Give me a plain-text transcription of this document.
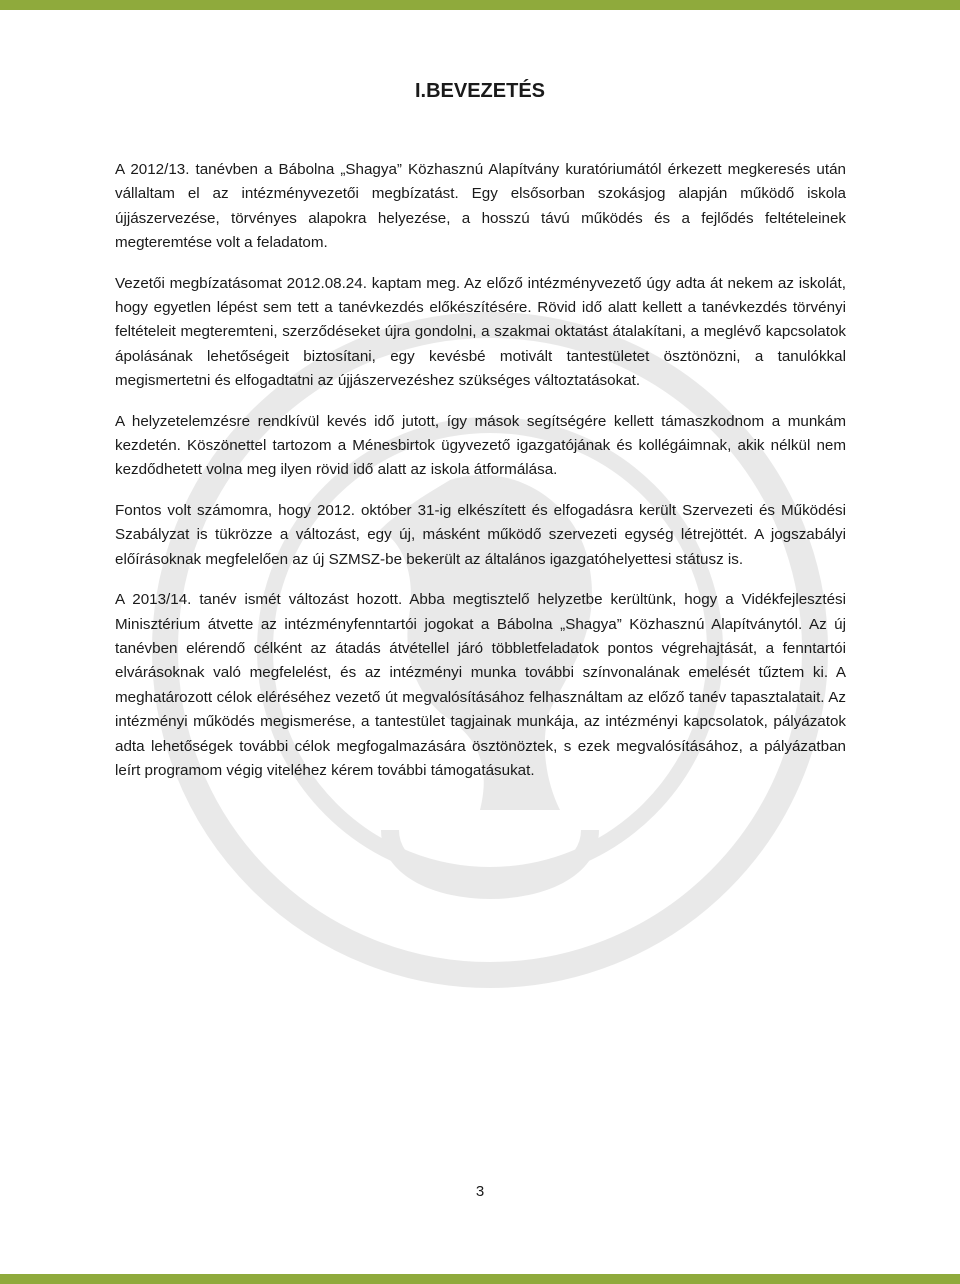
I.BEVEZETÉS

A 2012/13. tanévben a Bábolna „Shagya” Közhasznú Alapítvány kuratóriumától érkezett megkeresés után vállaltam el az intézményvezetői megbízatást. Egy elsősorban szokásjog alapján működő iskola újjászervezése, törvényes alapokra helyezése, a hosszú távú működés és a fejlődés feltételeinek megteremtése volt a feladatom.

Vezetői megbízatásomat 2012.08.24. kaptam meg. Az előző intézményvezető úgy adta át nekem az iskolát, hogy egyetlen lépést sem tett a tanévkezdés előkészítésére. Rövid idő alatt kellett a tanévkezdés törvényi feltételeit megteremteni, szerződéseket újra gondolni, a szakmai oktatást átalakítani, a meglévő kapcsolatok ápolásának lehetőségeit biztosítani, egy kevésbé motivált tantestületet ösztönözni, a tanulókkal megismertetni és elfogadtatni az újjászervezéshez szükséges változtatásokat.

A helyzetelemzésre rendkívül kevés idő jutott, így mások segítségére kellett támaszkodnom a munkám kezdetén. Köszönettel tartozom a Ménesbirtok ügyvezető igazgatójának és kollégáimnak, akik nélkül nem kezdődhetett volna meg ilyen rövid idő alatt az iskola átformálása.

Fontos volt számomra, hogy 2012. október 31-ig elkészített és elfogadásra került Szervezeti és Működési Szabályzat is tükrözze a változást, egy új, másként működő szervezeti egység létrejöttét. A jogszabályi előírásoknak megfelelően az új SZMSZ-be bekerült az általános igazgatóhelyettesi státusz is.

A 2013/14. tanév ismét változást hozott. Abba megtisztelő helyzetbe kerültünk, hogy a Vidékfejlesztési Minisztérium átvette az intézményfenntartói jogokat a Bábolna „Shagya” Közhasznú Alapítványtól. Az új tanévben elérendő célként az átadás átvétellel járó többletfeladatok pontos végrehajtását, a fenntartói elvárásoknak való megfelelést, és az intézményi munka további színvonalának emelését tűztem ki. A meghatározott célok eléréséhez vezető út megvalósításához felhasználtam az előző tanév tapasztalatait. Az intézményi működés megismerése, a tantestület tagjainak munkája, az intézményi kapcsolatok, pályázatok adta lehetőségek további célok megfogalmazására ösztönöztek, s ezek megvalósításához, a pályázatban leírt programom végig viteléhez kérem további támogatásukat.

3
